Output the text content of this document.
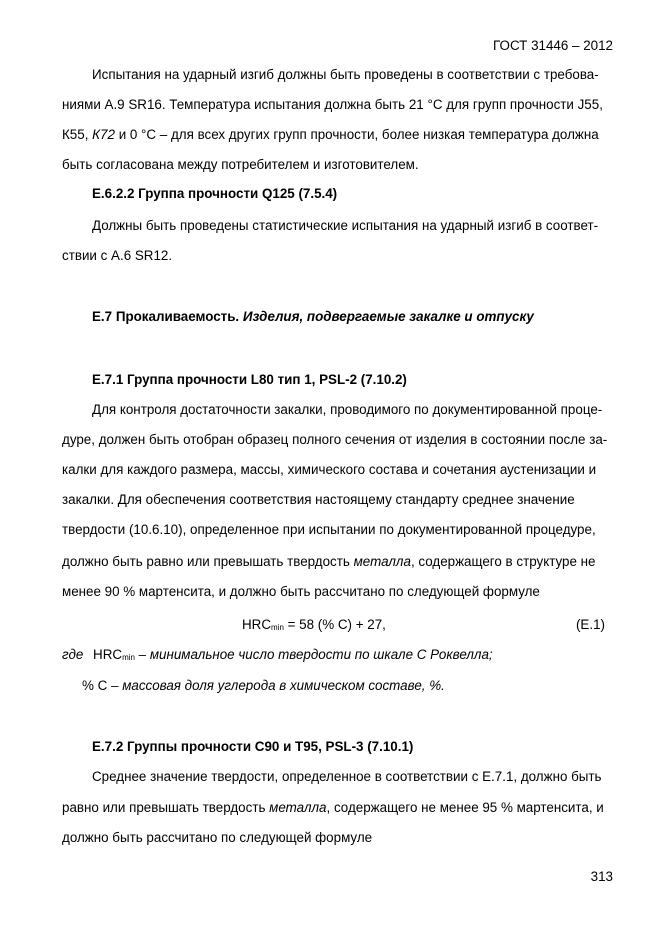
ГОСТ 31446 – 2012
Испытания на ударный изгиб должны быть проведены в соответствии с требова-
ниями А.9 SR16. Температура испытания должна быть 21 °С для групп прочности J55,
К55, К72 и 0 °С – для всех других групп прочности, более низкая температура должна
быть согласована между потребителем и изготовителем.
Е.6.2.2 Группа прочности Q125 (7.5.4)
Должны быть проведены статистические испытания на ударный изгиб в соответ-
ствии с А.6 SR12.
Е.7 Прокаливаемость. Изделия, подвергаемые закалке и отпуску
Е.7.1 Группа прочности L80 тип 1, PSL-2 (7.10.2)
Для контроля достаточности закалки, проводимого по документированной проце-
дуре, должен быть отобран образец полного сечения от изделия в состоянии после за-
калки для каждого размера, массы, химического состава и сочетания аустенизации и
закалки. Для обеспечения соответствия настоящему стандарту среднее значение
твердости (10.6.10), определенное при испытании по документированной процедуре,
должно быть равно или превышать твердость металла, содержащего в структуре не
менее 90 % мартенсита, и должно быть рассчитано по следующей формуле
$HRC_{min} = 58$ (% С) + 27,	(Е.1)
где $HRC_{min}$ – минимальное число твердости по шкале С Роквелла;
% С – массовая доля углерода в химическом составе, %.
Е.7.2 Группы прочности С90 и Т95, PSL-3 (7.10.1)
Среднее значение твердости, определенное в соответствии с Е.7.1, должно быть
равно или превышать твердость металла, содержащего не менее 95 % мартенсита, и
должно быть рассчитано по следующей формуле
313
